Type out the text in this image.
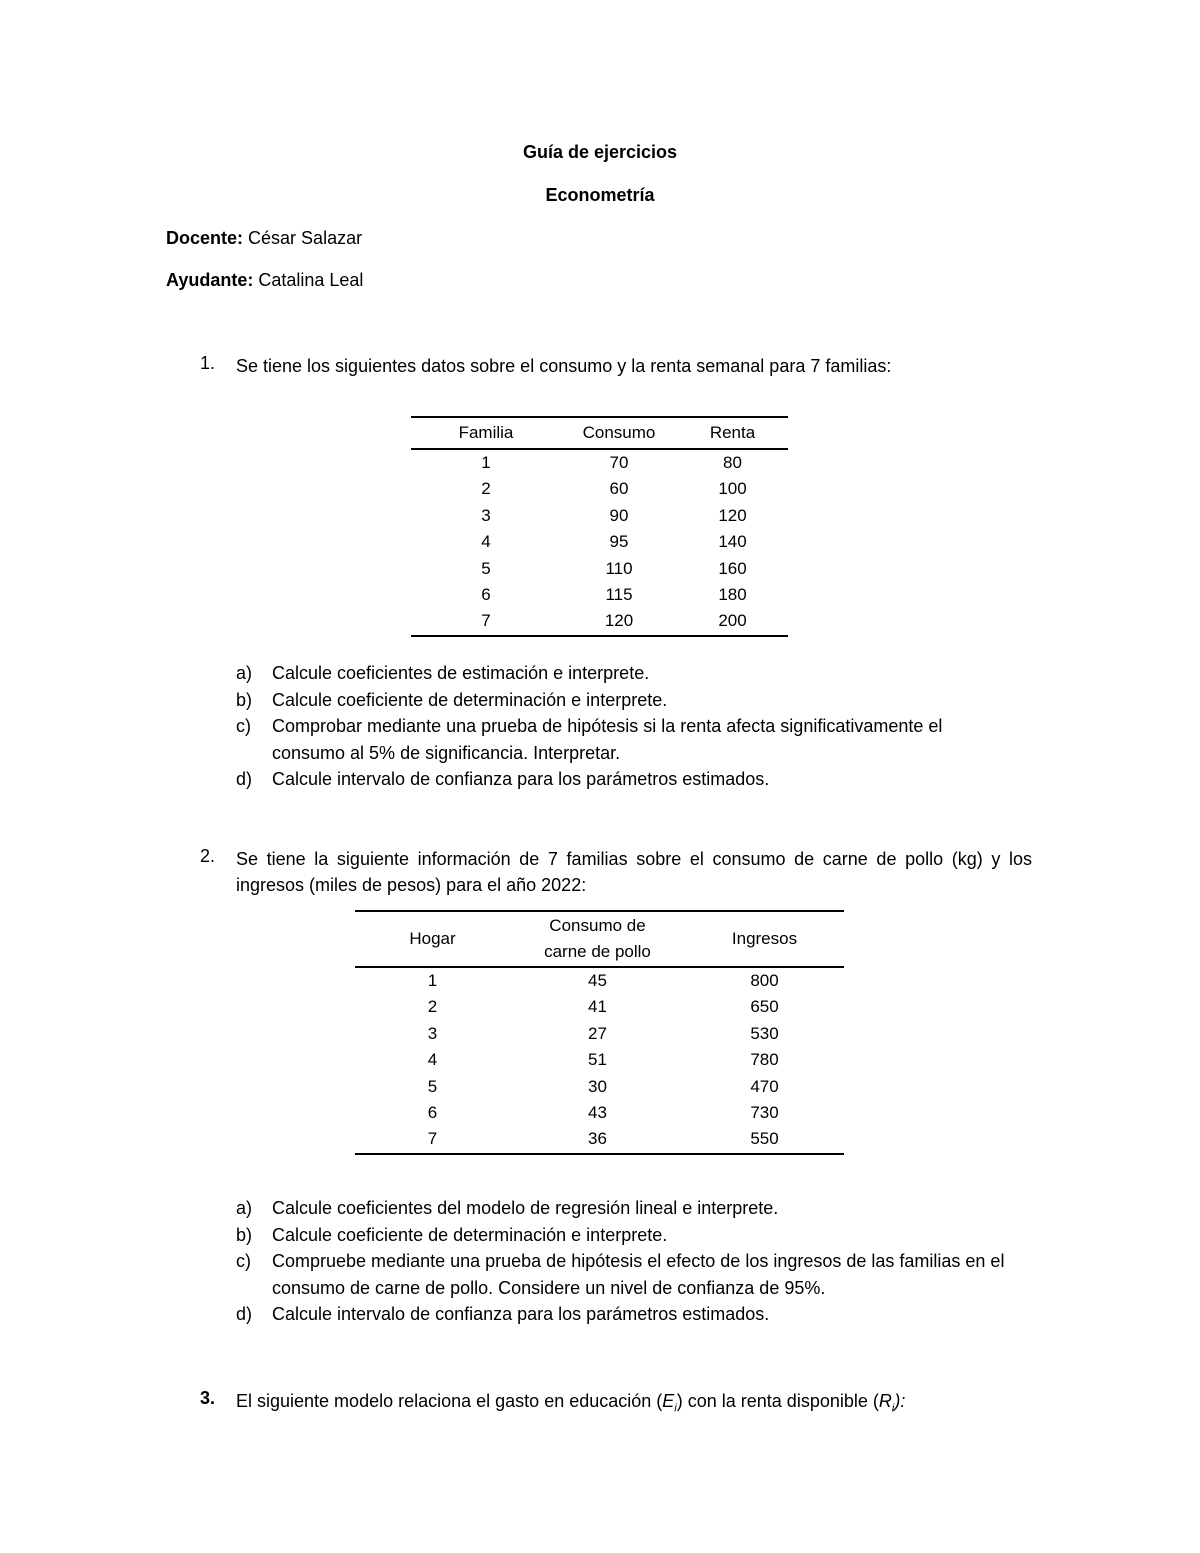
Guía de ejercicios
Econometría
Docente: César Salazar
Ayudante: Catalina Leal
1. Se tiene los siguientes datos sobre el consumo y la renta semanal para 7 familias:
Familia	Consumo	Renta
1	70	80
2	60	100
3	90	120
4	95	140
5	110	160
6	115	180
7	120	200
a)	Calcule coeficientes de estimación e interprete.
b)	Calcule coeficiente de determinación e interprete.
c)	Comprobar mediante una prueba de hipótesis si la renta afecta significativamente el consumo al 5% de significancia. Interpretar.
d)	Calcule intervalo de confianza para los parámetros estimados.
2. Se tiene la siguiente información de 7 familias sobre el consumo de carne de pollo (kg) y los ingresos (miles de pesos) para el año 2022:
Hogar	Consumo de carne de pollo	Ingresos
1	45	800
2	41	650
3	27	530
4	51	780
5	30	470
6	43	730
7	36	550
a)	Calcule coeficientes del modelo de regresión lineal e interprete.
b)	Calcule coeficiente de determinación e interprete.
c)	Compruebe mediante una prueba de hipótesis el efecto de los ingresos de las familias en el consumo de carne de pollo. Considere un nivel de confianza de 95%.
d)	Calcule intervalo de confianza para los parámetros estimados.
3. El siguiente modelo relaciona el gasto en educación $(E_i)$ con la renta disponible $(R_i)$:
